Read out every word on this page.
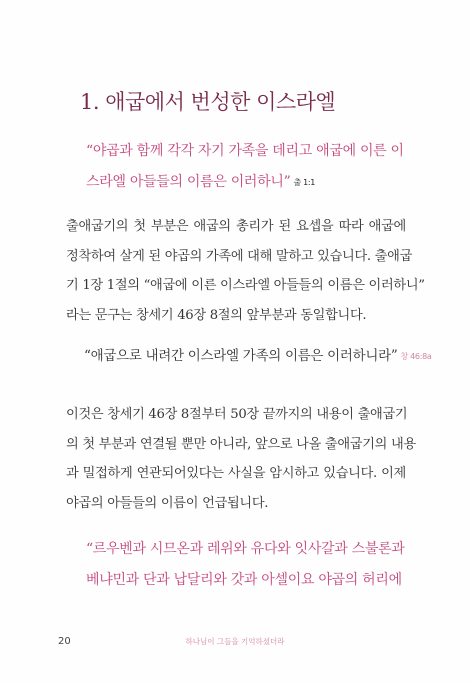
1. 애굽에서 번성한 이스라엘
“야곱과 함께 각각 자기 가족을 데리고 애굽에 이른 이
스라엘 아들들의 이름은 이러하니” 출 1:1
출애굽기의 첫 부분은 애굽의 총리가 된 요셉을 따라 애굽에
정착하여 살게 된 야곱의 가족에 대해 말하고 있습니다. 출애굽
기 1장 1절의 “애굽에 이른 이스라엘 아들들의 이름은 이러하니”
라는 문구는 창세기 46장 8절의 앞부분과 동일합니다.
“애굽으로 내려간 이스라엘 가족의 이름은 이러하니라” 창 46:8a
이것은 창세기 46장 8절부터 50장 끝까지의 내용이 출애굽기
의 첫 부분과 연결될 뿐만 아니라, 앞으로 나올 출애굽기의 내용
과 밀접하게 연관되어있다는 사실을 암시하고 있습니다. 이제
야곱의 아들들의 이름이 언급됩니다.
“르우벤과 시므온과 레위와 유다와 잇사갈과 스불론과
베냐민과 단과 납달리와 갓과 아셀이요 야곱의 허리에
20	하나님이 그들을 기억하셨더라
